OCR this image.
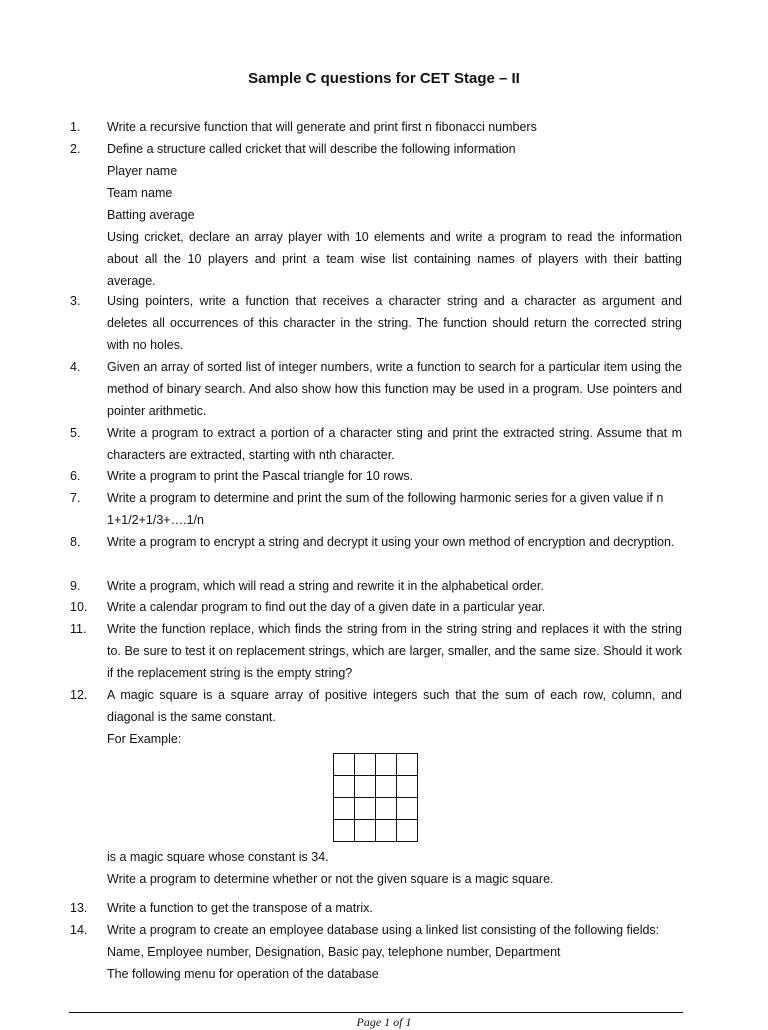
Sample C questions for CET Stage – II
1. Write a recursive function that will generate and print first n fibonacci numbers
2. Define a structure called cricket that will describe the following information
Player name
Team name
Batting average
Using cricket, declare an array player with 10 elements and write a program to read the information about all the 10 players and print a team wise list containing names of players with their batting average.
3. Using pointers, write a function that receives a character string and a character as argument and deletes all occurrences of this character in the string. The function should return the corrected string with no holes.
4. Given an array of sorted list of integer numbers, write a function to search for a particular item using the method of binary search. And also show how this function may be used in a program. Use pointers and pointer arithmetic.
5. Write a program to extract a portion of a character sting and print the extracted string. Assume that m characters are extracted, starting with nth character.
6. Write a program to print the Pascal triangle for 10 rows.
7. Write a program to determine and print the sum of the following harmonic series for a given value if n
1+1/2+1/3+….1/n
8. Write a program to encrypt a string and decrypt it using your own method of encryption and decryption.
9. Write a program, which will read a string and rewrite it in the alphabetical order.
10. Write a calendar program to find out the day of a given date in a particular year.
11. Write the function replace, which finds the string from in the string string and replaces it with the string to. Be sure to test it on replacement strings, which are larger, smaller, and the same size. Should it work if the replacement string is the empty string?
12. A magic square is a square array of positive integers such that the sum of each row, column, and diagonal is the same constant.
For Example:
is a magic square whose constant is 34.
Write a program to determine whether or not the given square is a magic square.
13. Write a function to get the transpose of a matrix.
14. Write a program to create an employee database using a linked list consisting of the following fields:
Name, Employee number, Designation, Basic pay, telephone number, Department
The following menu for operation of the database

Page 1 of 1
